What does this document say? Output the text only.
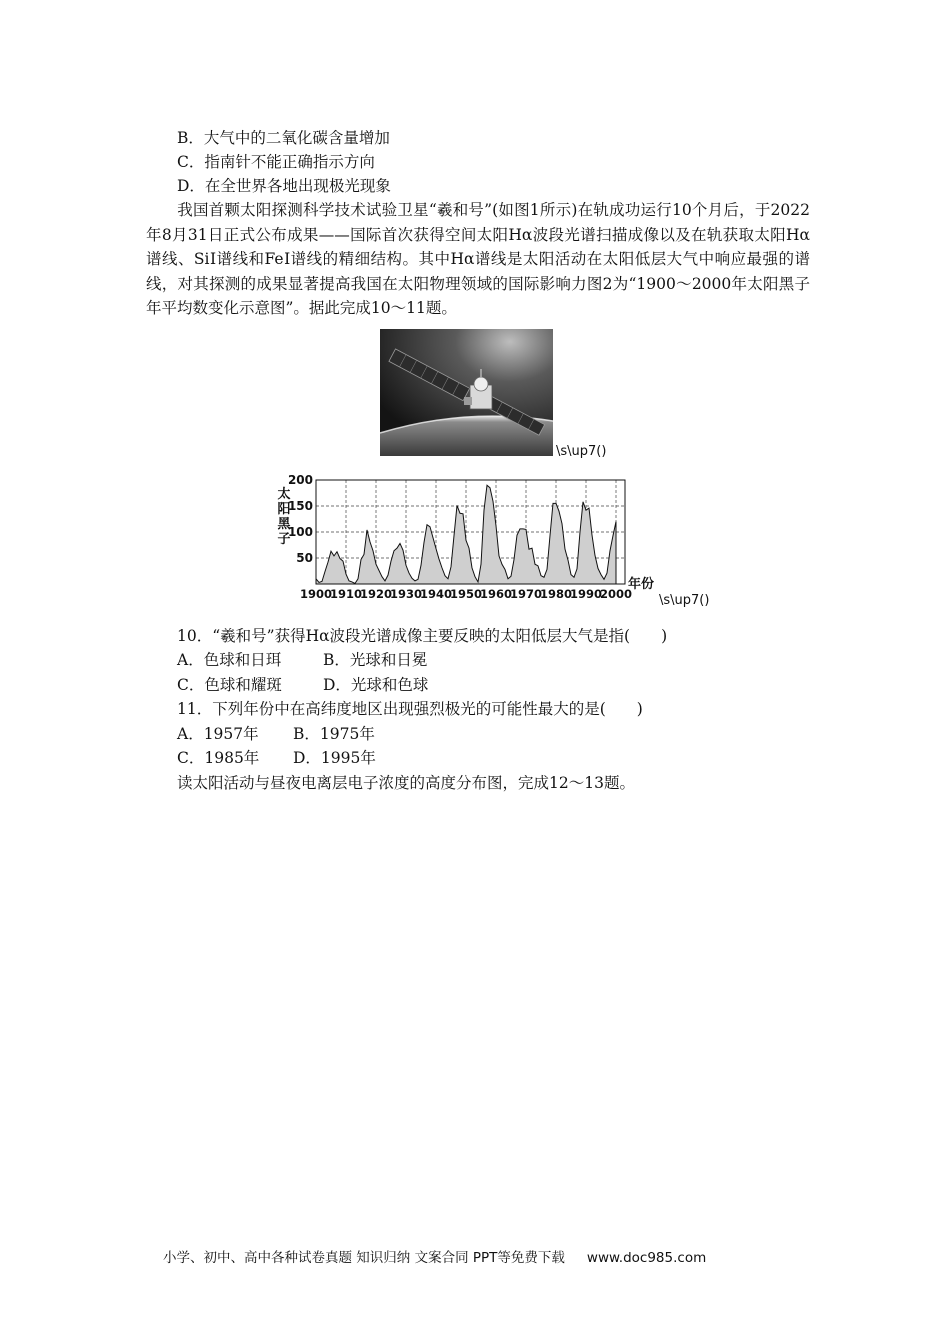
B．大气中的二氧化碳含量增加
C．指南针不能正确指示方向
D．在全世界各地出现极光现象
我国首颗太阳探测科学技术试验卫星“羲和号”(如图1所示)在轨成功运行10个月后，于2022年8月31日正式公布成果——国际首次获得空间太阳Hα波段光谱扫描成像以及在轨获取太阳Hα谱线、SiⅠ谱线和FeⅠ谱线的精细结构。其中Hα谱线是太阳活动在太阳低层大气中响应最强的谱线，对其探测的成果显著提高我国在太阳物理领域的国际影响力图2为“1900～2000年太阳黑子年平均数变化示意图”。据此完成10～11题。
\s\up7()
50
100
150
200
1900
1910
1920
1930
1940
1950
1960
1970
1980
1990
2000
太
阳
黑
子
年份
\s\up7()
10．“羲和号”获得Hα波段光谱成像主要反映的太阳低层大气是指(　　)
A．色球和日珥	B．光球和日冕
C．色球和耀斑	D．光球和色球
11．下列年份中在高纬度地区出现强烈极光的可能性最大的是(　　)
A．1957年 B．1975年
C．1985年 D．1995年
读太阳活动与昼夜电离层电子浓度的高度分布图，完成12～13题。
小学、初中、高中各种试卷真题 知识归纳 文案合同 PPT等免费下载 www.doc985.com
